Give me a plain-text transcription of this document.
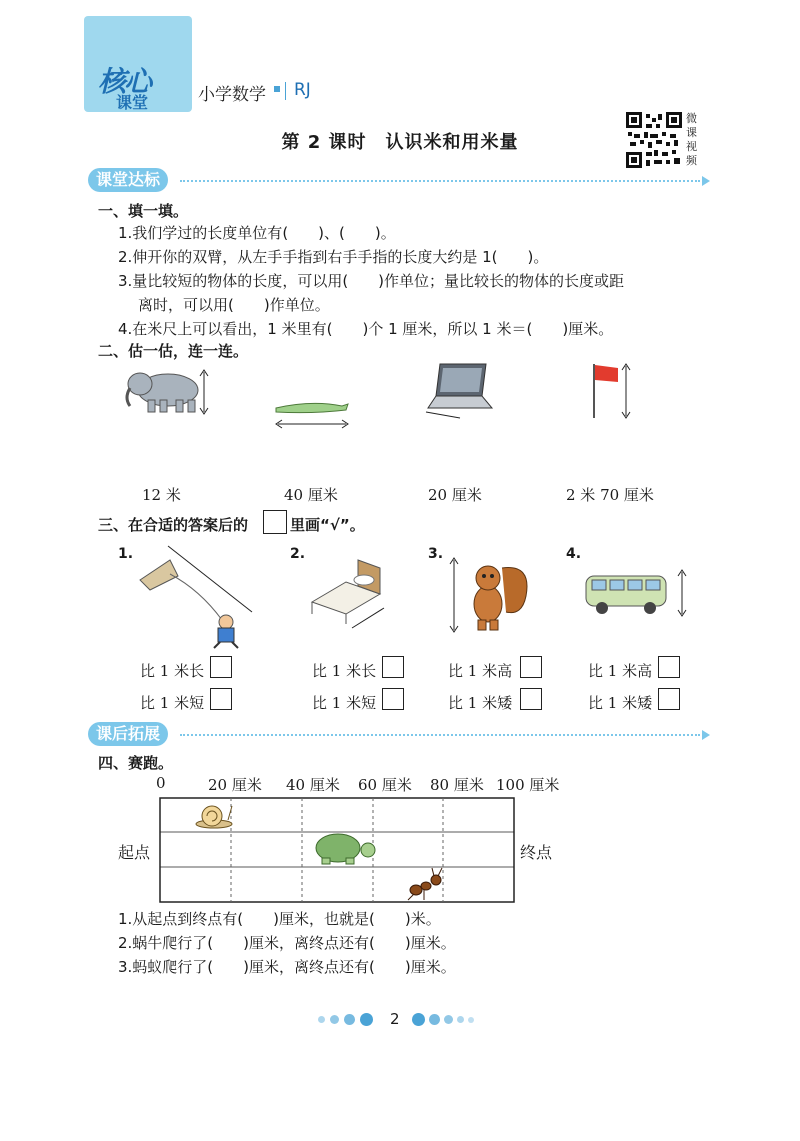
核心
课堂	小学数学 RJ
第 2 课时　认识米和用米量
微课视频
课堂达标
一、填一填。
1.我们学过的长度单位有(　　)、(　　)。
2.伸开你的双臂，从左手手指到右手手指的长度大约是 1(　　)。
3.量比较短的物体的长度，可以用(　　)作单位；量比较长的物体的长度或距
离时，可以用(　　)作单位。
4.在米尺上可以看出，1 米里有(　　)个 1 厘米，所以 1 米＝(　　)厘米。
二、估一估，连一连。
12 米	40 厘米	20 厘米	2 米 70 厘米
三、在合适的答案后的	里画“√”。
1.	2.	3.	4.
比 1 米长
比 1 米短
比 1 米长
比 1 米短
比 1 米高
比 1 米矮
比 1 米高
比 1 米矮
课后拓展
四、赛跑。
0	20 厘米 40 厘米 60 厘米 80 厘米 100 厘米
起点	终点
1.从起点到终点有(　　)厘米，也就是(　　)米。
2.蜗牛爬行了(　　)厘米，离终点还有(　　)厘米。
3.蚂蚁爬行了(　　)厘米，离终点还有(　　)厘米。
2
